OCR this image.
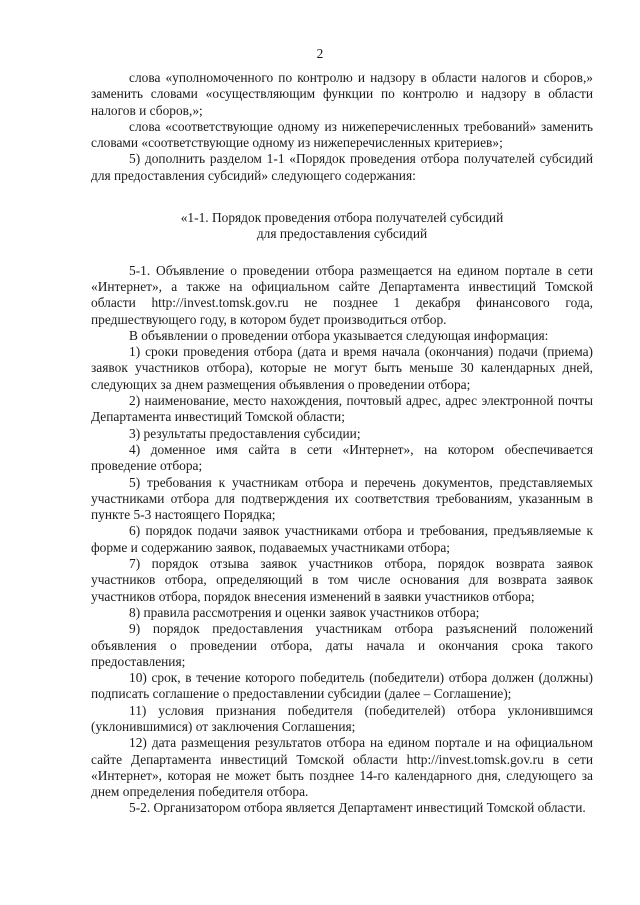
2

слова «уполномоченного по контролю и надзору в области налогов и сборов,» заменить словами «осуществляющим функции по контролю и надзору в области налогов и сборов,»;

слова «соответствующие одному из нижеперечисленных требований» заменить словами «соответствующие одному из нижеперечисленных критериев»;

5) дополнить разделом 1-1 «Порядок проведения отбора получателей субсидий для предоставления субсидий» следующего содержания:

«1-1. Порядок проведения отбора получателей субсидий
для предоставления субсидий

5-1. Объявление о проведении отбора размещается на едином портале в сети «Интернет», а также на официальном сайте Департамента инвестиций Томской области http://invest.tomsk.gov.ru не позднее 1 декабря финансового года, предшествующего году, в котором будет производиться отбор.

В объявлении о проведении отбора указывается следующая информация:

1) сроки проведения отбора (дата и время начала (окончания) подачи (приема) заявок участников отбора), которые не могут быть меньше 30 календарных дней, следующих за днем размещения объявления о проведении отбора;

2) наименование, место нахождения, почтовый адрес, адрес электронной почты Департамента инвестиций Томской области;

3) результаты предоставления субсидии;

4) доменное имя сайта в сети «Интернет», на котором обеспечивается проведение отбора;

5) требования к участникам отбора и перечень документов, представляемых участниками отбора для подтверждения их соответствия требованиям, указанным в пункте 5-3 настоящего Порядка;

6) порядок подачи заявок участниками отбора и требования, предъявляемые к форме и содержанию заявок, подаваемых участниками отбора;

7) порядок отзыва заявок участников отбора, порядок возврата заявок участников отбора, определяющий в том числе основания для возврата заявок участников отбора, порядок внесения изменений в заявки участников отбора;

8) правила рассмотрения и оценки заявок участников отбора;

9) порядок предоставления участникам отбора разъяснений положений объявления о проведении отбора, даты начала и окончания срока такого предоставления;

10) срок, в течение которого победитель (победители) отбора должен (должны) подписать соглашение о предоставлении субсидии (далее – Соглашение);

11) условия признания победителя (победителей) отбора уклонившимся (уклонившимися) от заключения Соглашения;

12) дата размещения результатов отбора на едином портале и на официальном сайте Департамента инвестиций Томской области http://invest.tomsk.gov.ru в сети «Интернет», которая не может быть позднее 14-го календарного дня, следующего за днем определения победителя отбора.

5-2. Организатором отбора является Департамент инвестиций Томской области.
